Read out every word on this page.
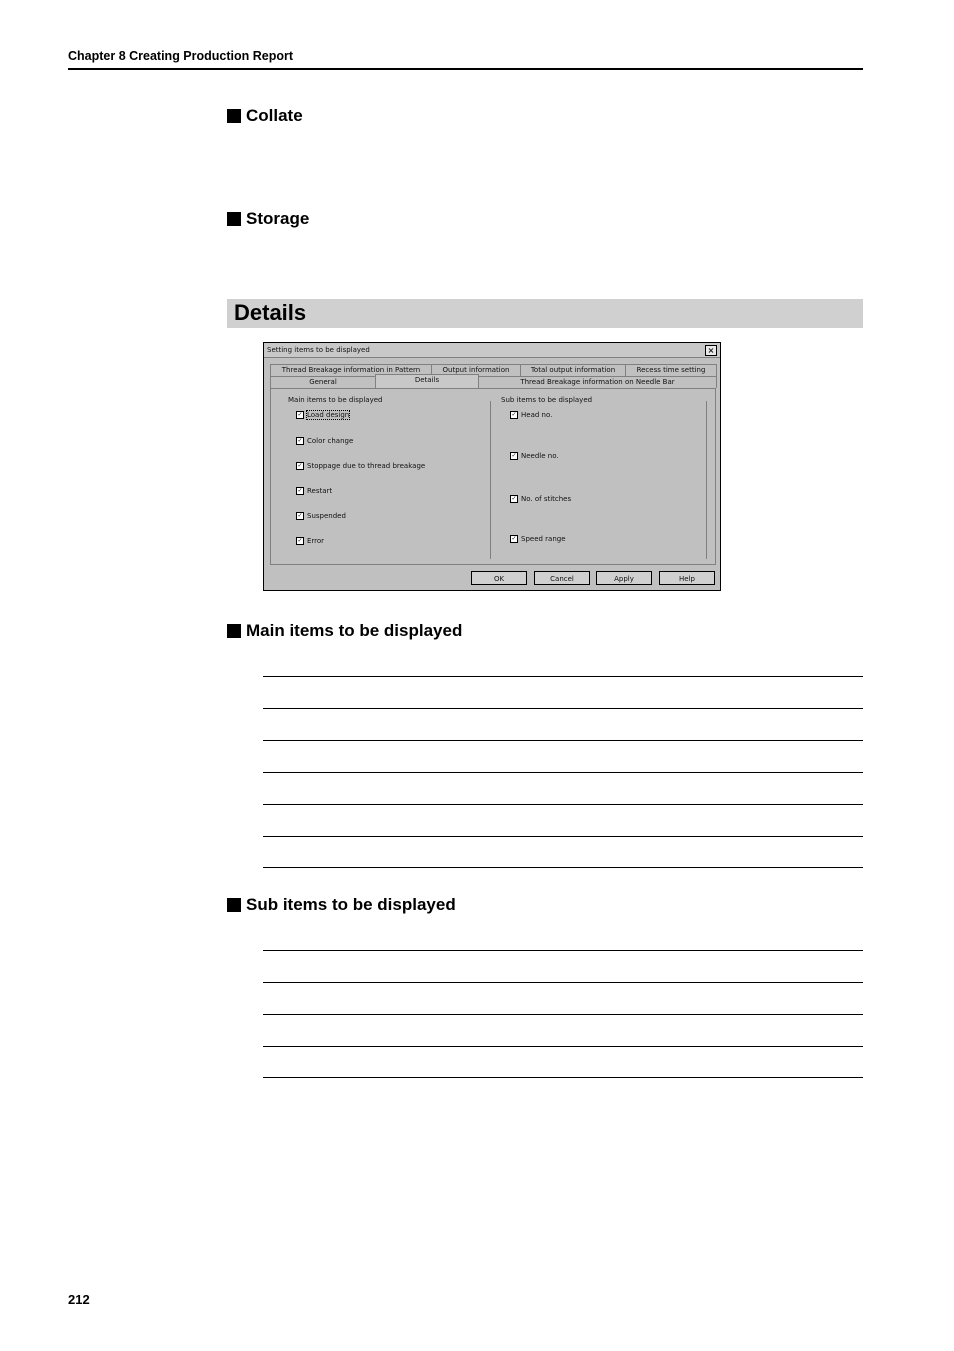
Chapter 8 Creating Production Report
Collate
Storage
Details
Setting items to be displayed	×
Thread Breakage information in Pattern	Output information	Total output information	Recess time setting
General	Details	Thread Breakage information on Needle Bar
Main items to be displayed
✓ Load design
✓ Color change
✓ Stoppage due to thread breakage
✓ Restart
✓ Suspended
✓ Error
Sub items to be displayed
✓ Head no.
✓ Needle no.
✓ No. of stitches
✓ Speed range
OK	Cancel	Apply	Help
Main items to be displayed
Sub items to be displayed
212
